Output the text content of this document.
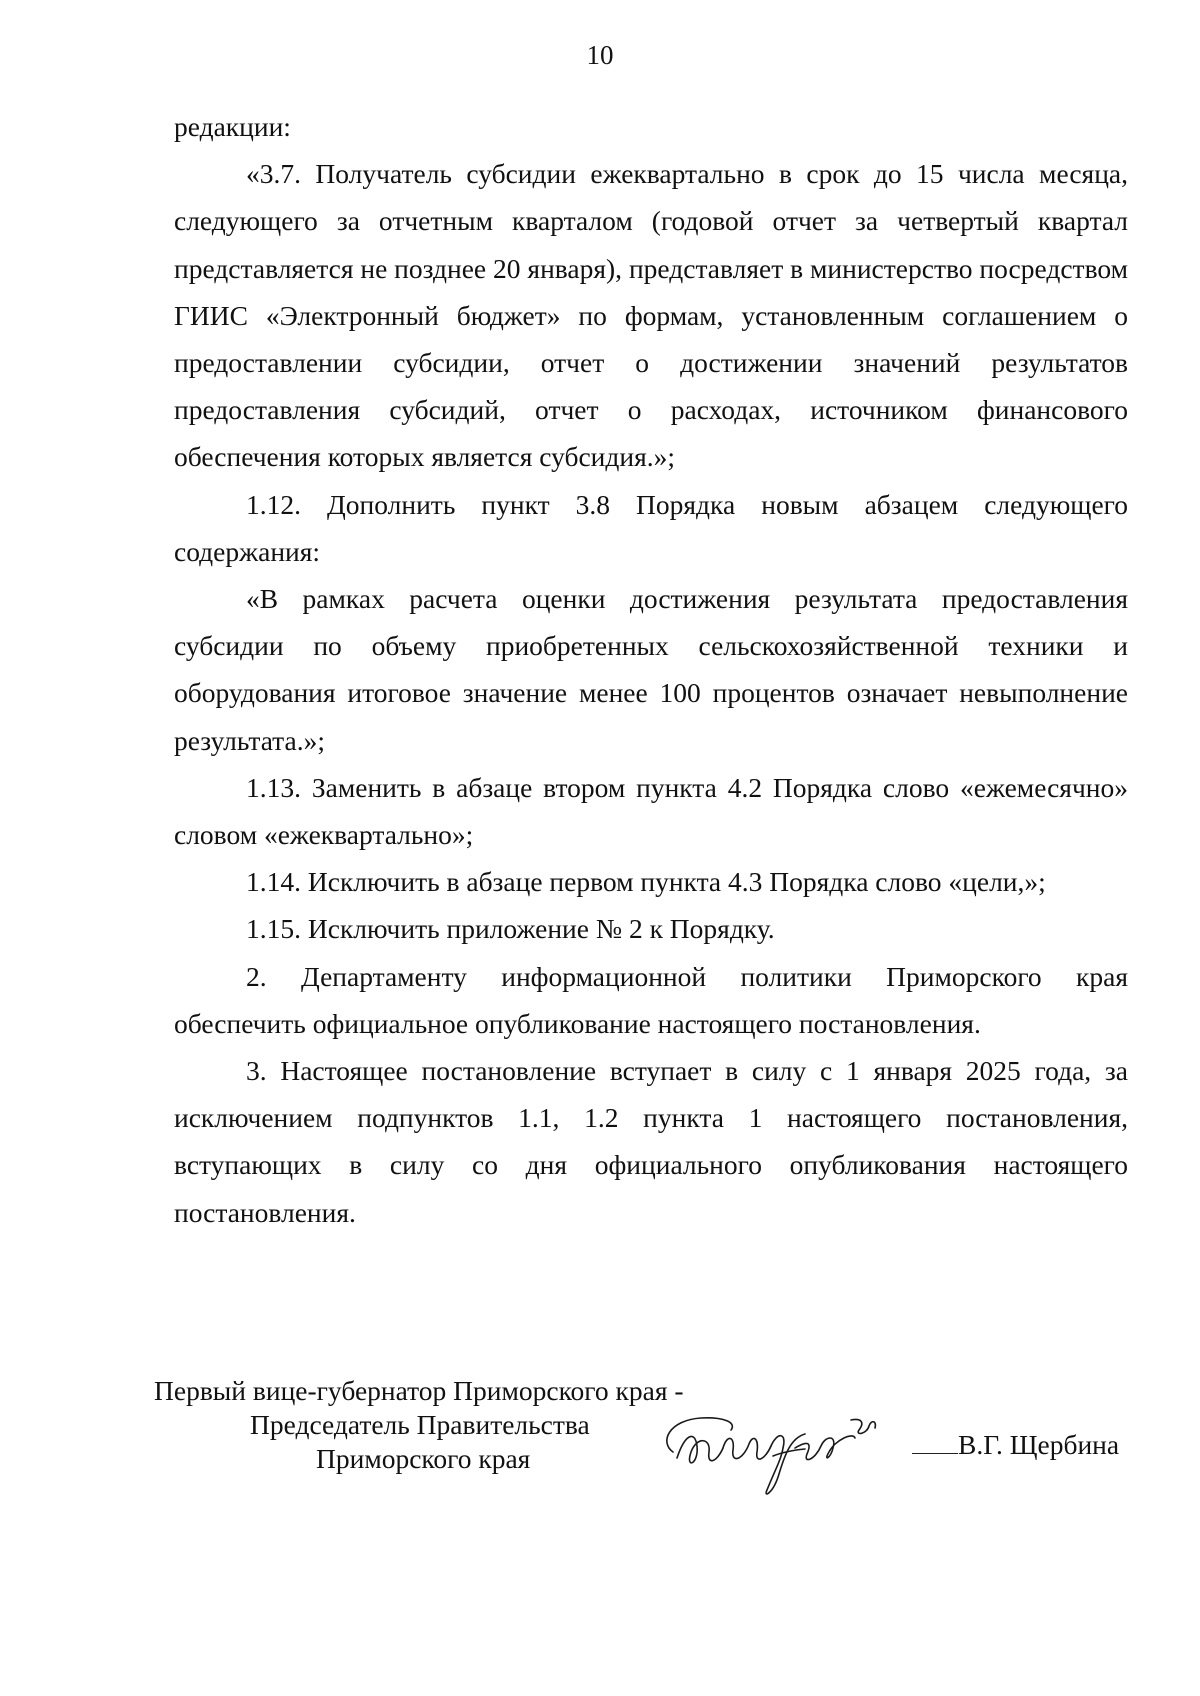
10

редакции:

«3.7. Получатель субсидии ежеквартально в срок до 15 числа месяца, следующего за отчетным кварталом (годовой отчет за четвертый квартал представляется не позднее 20 января), представляет в министерство посредством ГИИС «Электронный бюджет» по формам, установленным соглашением о предоставлении субсидии, отчет о достижении значений результатов предоставления субсидий, отчет о расходах, источником финансового обеспечения которых является субсидия.»;

1.12. Дополнить пункт 3.8 Порядка новым абзацем следующего содержания:

«В рамках расчета оценки достижения результата предоставления субсидии по объему приобретенных сельскохозяйственной техники и оборудования итоговое значение менее 100 процентов означает невыполнение результата.»;

1.13. Заменить в абзаце втором пункта 4.2 Порядка слово «ежемесячно» словом «ежеквартально»;

1.14. Исключить в абзаце первом пункта 4.3 Порядка слово «цели,»;

1.15. Исключить приложение № 2 к Порядку.

2. Департаменту информационной политики Приморского края обеспечить официальное опубликование настоящего постановления.

3. Настоящее постановление вступает в силу с 1 января 2025 года, за исключением подпунктов 1.1, 1.2 пункта 1 настоящего постановления, вступающих в силу со дня официального опубликования настоящего постановления.

Первый вице-губернатор Приморского края -
Председатель Правительства
Приморского края	В.Г. Щербина
